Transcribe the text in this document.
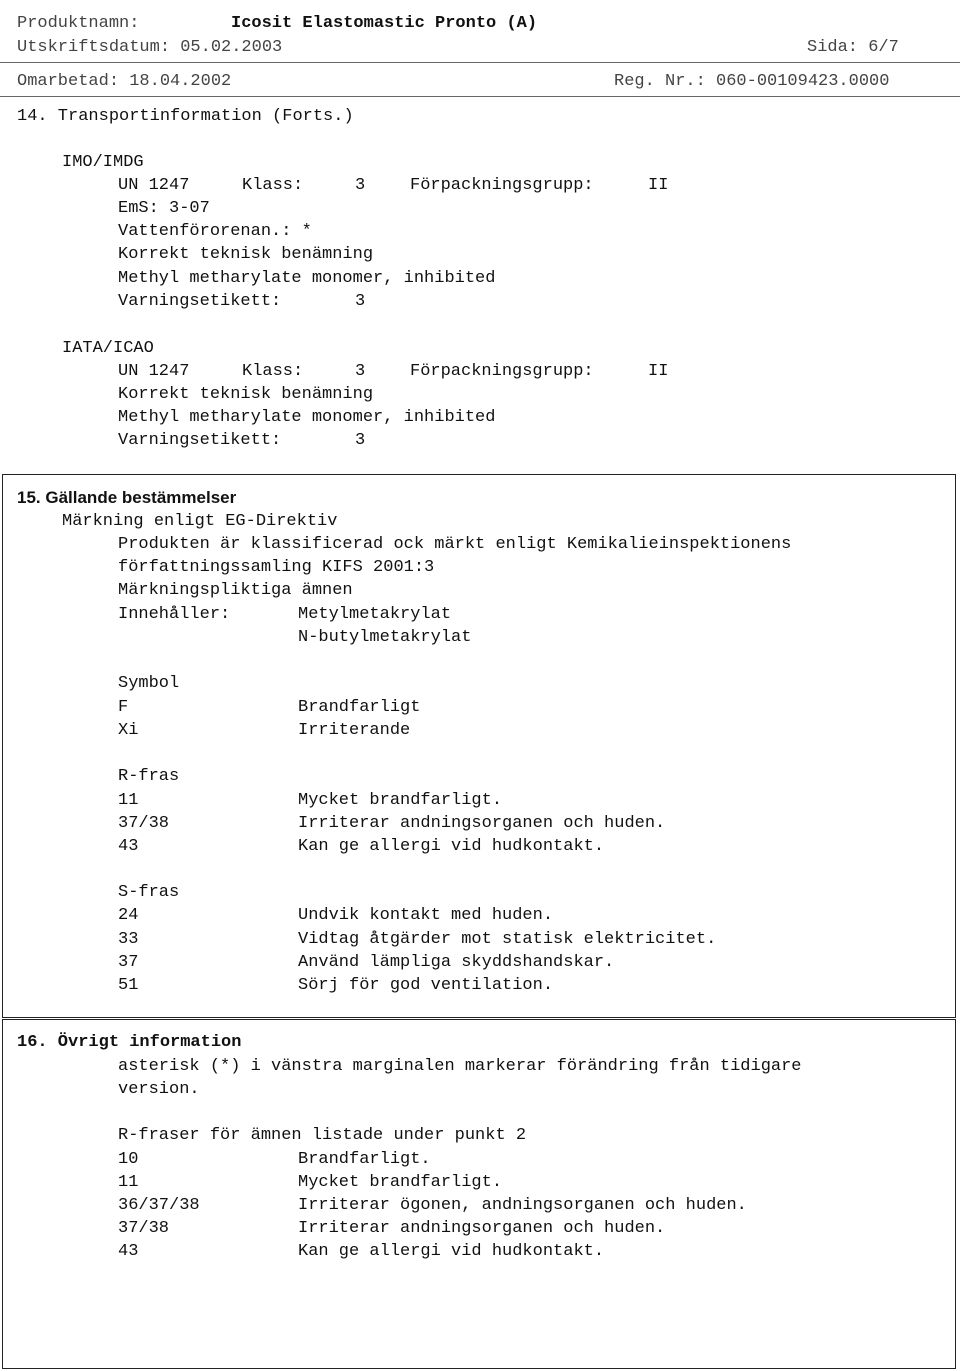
Produktnamn:	Icosit Elastomastic Pronto (A)
Utskriftsdatum: 05.02.2003	Sida: 6/7
Omarbetad: 18.04.2002	Reg. Nr.: 060-00109423.0000
14. Transportinformation (Forts.)
IMO/IMDG
UN 1247	Klass:	3	Förpackningsgrupp:	II
EmS: 3-07
Vattenförorenan.: *
Korrekt teknisk benämning
Methyl metharylate monomer, inhibited
Varningsetikett:	3
IATA/ICAO
UN 1247	Klass:	3	Förpackningsgrupp:	II
Korrekt teknisk benämning
Methyl metharylate monomer, inhibited
Varningsetikett:	3
15. Gällande bestämmelser
Märkning enligt EG-Direktiv
Produkten är klassificerad ock märkt enligt Kemikalieinspektionens
författningssamling KIFS 2001:3
Märkningspliktiga ämnen
Innehåller:	Metylmetakrylat
N-butylmetakrylat
Symbol
F	Brandfarligt
Xi	Irriterande
R-fras
11	Mycket brandfarligt.
37/38	Irriterar andningsorganen och huden.
43	Kan ge allergi vid hudkontakt.
S-fras
24	Undvik kontakt med huden.
33	Vidtag åtgärder mot statisk elektricitet.
37	Använd lämpliga skyddshandskar.
51	Sörj för god ventilation.
16. Övrigt information
asterisk (*) i vänstra marginalen markerar förändring från tidigare
version.
R-fraser för ämnen listade under punkt 2
10	Brandfarligt.
11	Mycket brandfarligt.
36/37/38	Irriterar ögonen, andningsorganen och huden.
37/38	Irriterar andningsorganen och huden.
43	Kan ge allergi vid hudkontakt.
